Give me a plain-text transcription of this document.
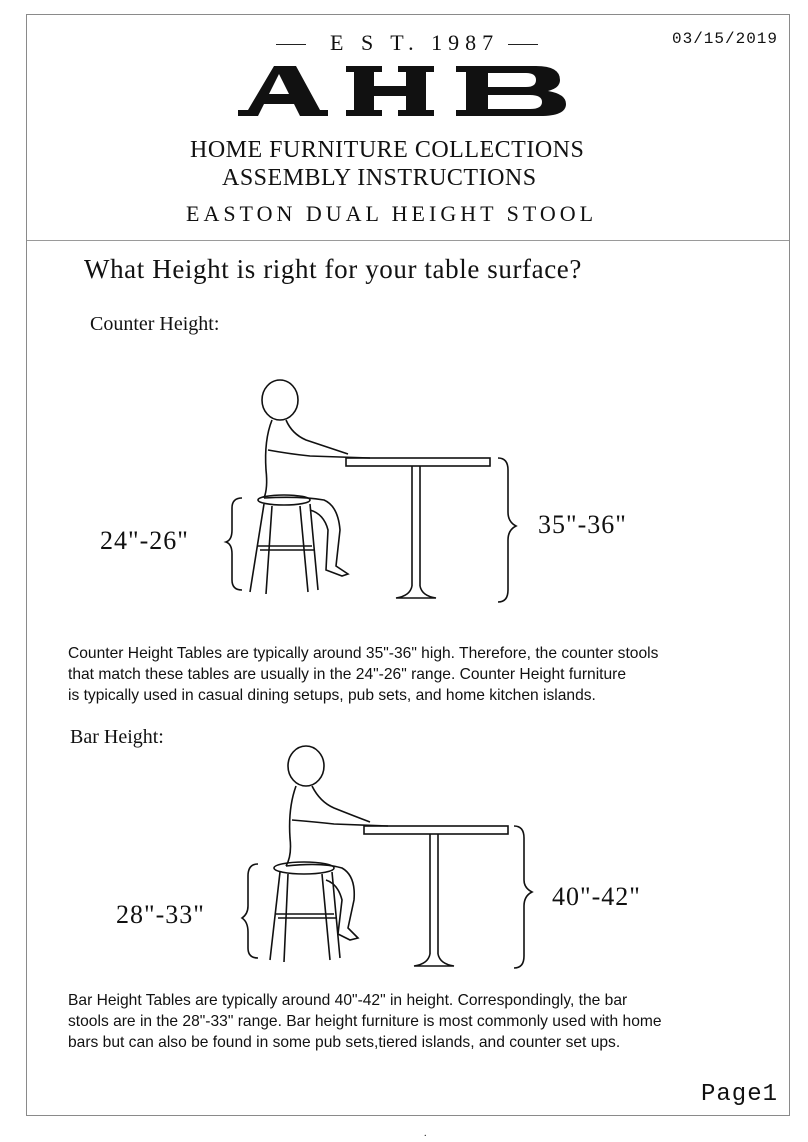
E S T. 1987	03/15/2019
HOME FURNITURE COLLECTIONS
ASSEMBLY INSTRUCTIONS
EASTON DUAL HEIGHT STOOL
What Height is right for your table surface?
Counter Height:
24"-26"
35"-36"
Counter Height Tables are typically around 35"-36" high. Therefore, the counter stools
that match these tables are usually in the 24"-26" range. Counter Height furniture
is typically used in casual dining setups, pub sets, and home kitchen islands.
Bar Height:
28"-33"
40"-42"
Bar Height Tables are typically around 40"-42" in height. Correspondingly, the bar
stools are in the 28"-33" range. Bar height furniture is most commonly used with home
bars but can also be found in some pub sets,tiered islands, and counter set ups.
Page1
.
